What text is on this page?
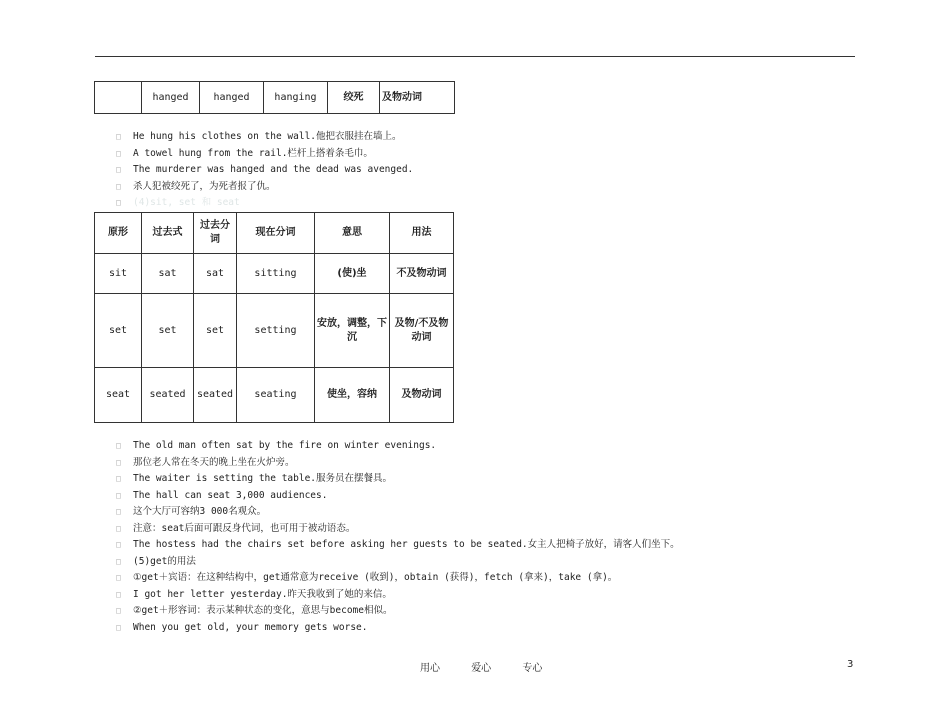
	hanged	hanged	hanging	绞死	及物动词
□ He hung his clothes on the wall.他把衣服挂在墙上。
□ A towel hung from the rail.栏杆上搭着条毛巾。
□ The murderer was hanged and the dead was avenged.
□ 杀人犯被绞死了，为死者报了仇。
□ (4)sit, set 和 seat
原形	过去式	过去分词	现在分词	意思	用法
sit	sat	sat	sitting	(使)坐	不及物动词
set	set	set	setting	安放，调整，下沉	及物/不及物动词
seat	seated	seated	seating	使坐，容纳	及物动词
□ The old man often sat by the fire on winter evenings.
□ 那位老人常在冬天的晚上坐在火炉旁。
□ The waiter is setting the table.服务员在摆餐具。
□ The hall can seat 3,000 audiences.
□ 这个大厅可容纳3 000名观众。
□ 注意：seat后面可跟反身代词，也可用于被动语态。
□ The hostess had the chairs set before asking her guests to be seated.女主人把椅子放好，请客人们坐下。
□ (5)get的用法
□ ①get＋宾语：在这种结构中，get通常意为receive (收到)，obtain (获得)，fetch (拿来)，take (拿)。
□ I got her letter yesterday.昨天我收到了她的来信。
□ ②get＋形容词：表示某种状态的变化，意思与become相似。
□ When you get old, your memory gets worse.
用心	爱心	专心	3
